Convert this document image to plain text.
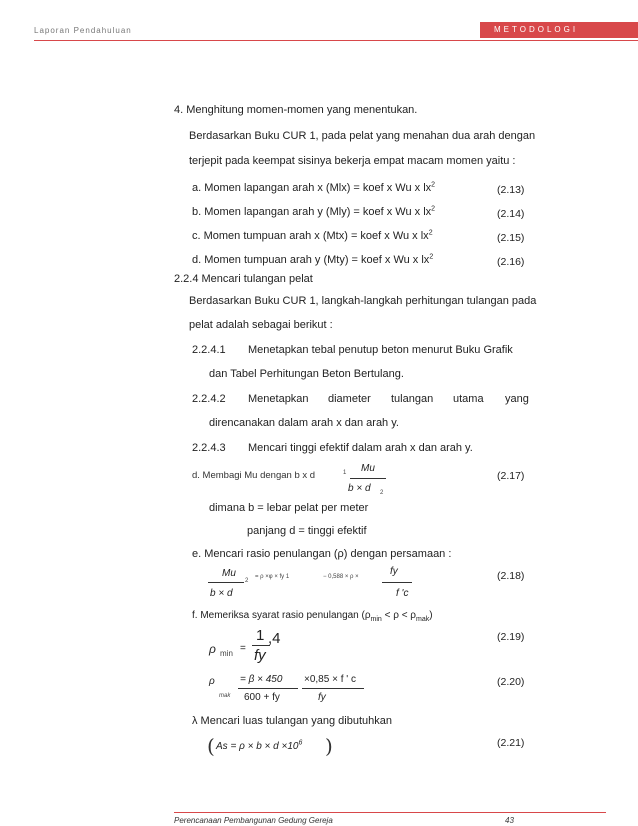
Laporan Pendahuluan	METODOLOGI
Perencanaan Pembangunan Gedung Gereja	43
4. Menghitung momen-momen yang menentukan.
Berdasarkan Buku CUR 1, pada pelat yang menahan dua arah dengan
terjepit pada keempat sisinya bekerja empat macam momen yaitu :
a. Momen lapangan arah x (Mlx) = koef x Wu x $lx^2$	(2.13)
b. Momen lapangan arah y (Mly) = koef x Wu x $lx^2$	(2.14)
c. Momen tumpuan arah x (Mtx) = koef x Wu x $lx^2$	(2.15)
d. Momen tumpuan arah y (Mty) = koef x Wu x $lx^2$	(2.16)
2.2.4 Mencari tulangan pelat
Berdasarkan Buku CUR 1, langkah-langkah perhitungan tulangan pada
pelat adalah sebagai berikut :
2.2.4.1 Menetapkan tebal penutup beton menurut Buku Grafik
dan Tabel Perhitungan Beton Bertulang.
2.2.4.2 Menetapkan diameter tulangan utama yang
direncanakan dalam arah x dan arah y.
2.2.4.3 Mencari tinggi efektif dalam arah x dan arah y.
d. Membagi Mu dengan b x d	1 Mu
b × d 2
(2.17)
dimana b = lebar pelat per meter
panjang d = tinggi efektif
e. Mencari rasio penulangan (ρ) dengan persamaan :
Mu
b × d
2
= ρ ×φ × fy 1	− 0,588 × ρ ×	fy
f 'c
(2.18)
f. Memeriksa syarat rasio penulangan $(\rho_{min} < \rho < \rho_{mak})$
ρ min =
1
fy
,4	(2.19)
ρ
mak
= β × 450
600 + fy
×0,85 × f ' c
fy
(2.20)
λ Mencari luas tulangan yang dibutuhkan
( $As = \rho \times b \times d \times 10^6$ )	(2.21)
